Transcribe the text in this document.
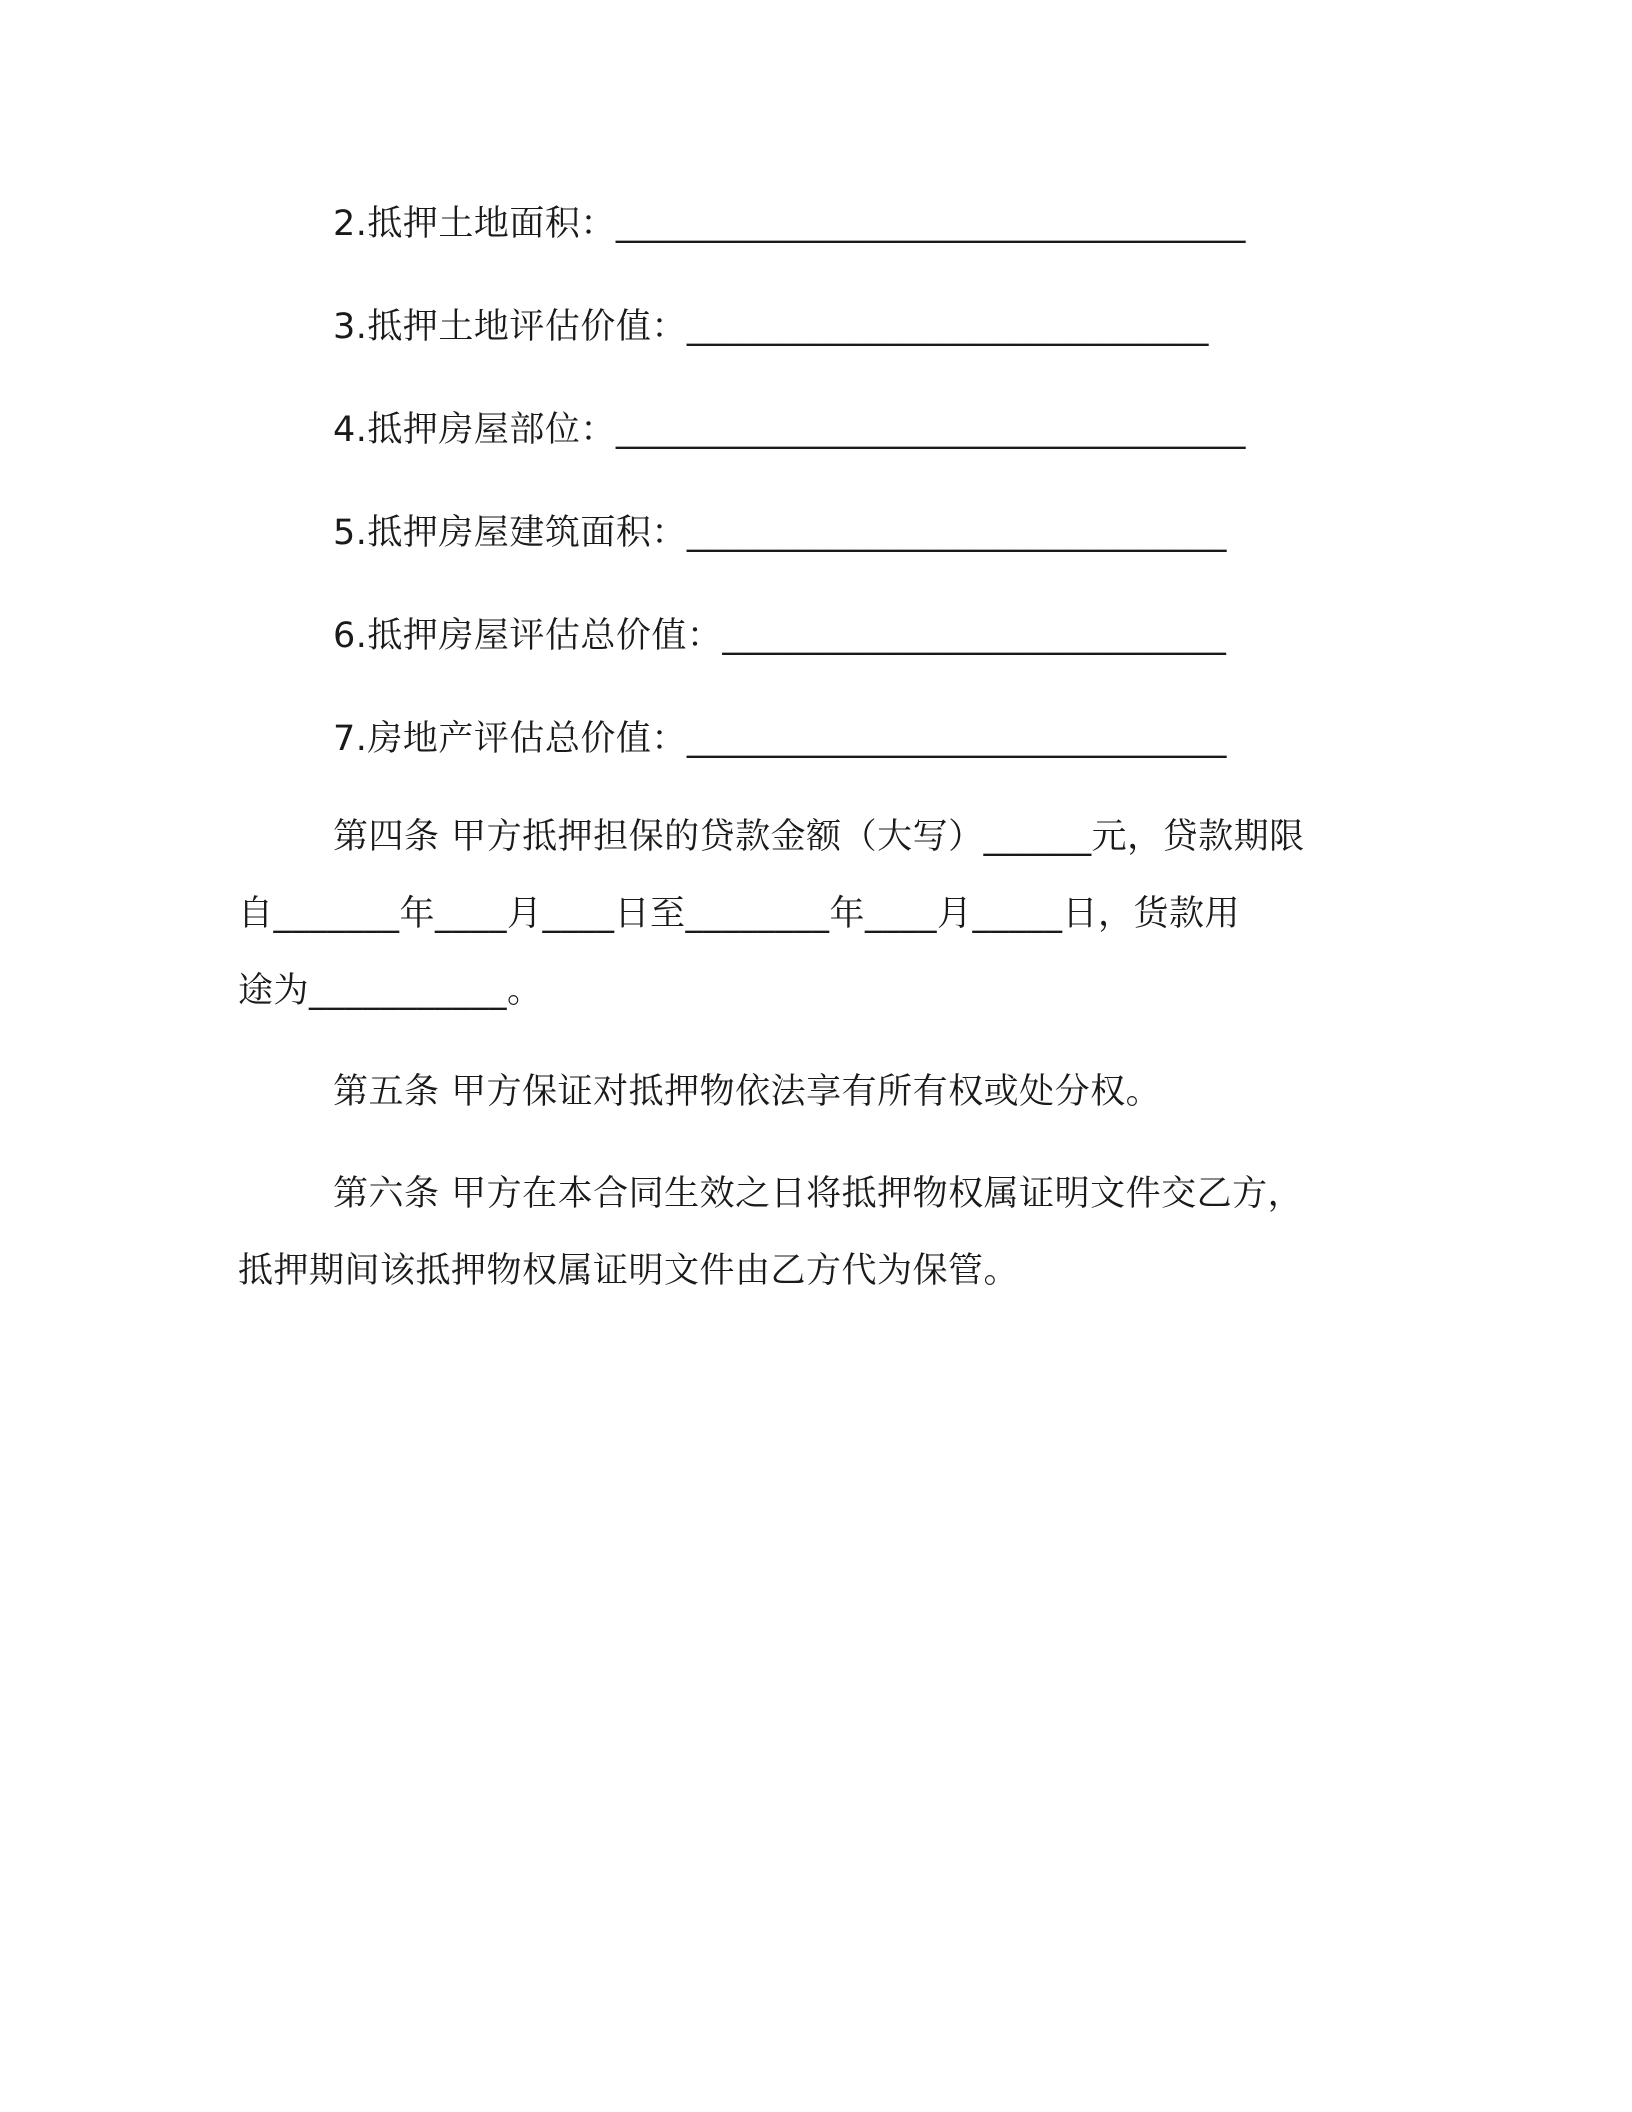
2.抵押土地面积：___________________________________
3.抵押土地评估价值：_____________________________
4.抵押房屋部位：___________________________________
5.抵押房屋建筑面积：______________________________
6.抵押房屋评估总价值：____________________________
7.房地产评估总价值：______________________________
第四条 甲方抵押担保的贷款金额（大写）______元，贷款期限
自_______年____月____日至________年____月_____日，货款用
途为___________。
第五条 甲方保证对抵押物依法享有所有权或处分权。
第六条 甲方在本合同生效之日将抵押物权属证明文件交乙方，
抵押期间该抵押物权属证明文件由乙方代为保管。
